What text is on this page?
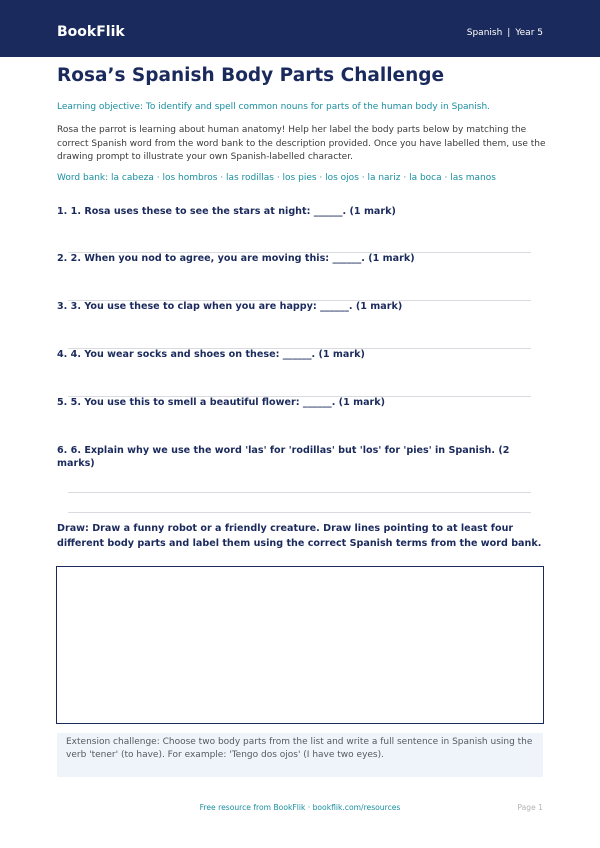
BookFlik	Spanish | Year 5
Rosa’s Spanish Body Parts Challenge
Learning objective: To identify and spell common nouns for parts of the human body in Spanish.
Rosa the parrot is learning about human anatomy! Help her label the body parts below by matching the correct Spanish word from the word bank to the description provided. Once you have labelled them, use the drawing prompt to illustrate your own Spanish-labelled character.
Word bank: la cabeza · los hombros · las rodillas · los pies · los ojos · la nariz · la boca · las manos
1. 1. Rosa uses these to see the stars at night: ______. (1 mark)
2. 2. When you nod to agree, you are moving this: ______. (1 mark)
3. 3. You use these to clap when you are happy: ______. (1 mark)
4. 4. You wear socks and shoes on these: ______. (1 mark)
5. 5. You use this to smell a beautiful flower: ______. (1 mark)
6. 6. Explain why we use the word 'las' for 'rodillas' but 'los' for 'pies' in Spanish. (2 marks)
Draw: Draw a funny robot or a friendly creature. Draw lines pointing to at least four different body parts and label them using the correct Spanish terms from the word bank.
Extension challenge: Choose two body parts from the list and write a full sentence in Spanish using the verb 'tener' (to have). For example: 'Tengo dos ojos' (I have two eyes).
Free resource from BookFlik · bookflik.com/resources	Page 1
